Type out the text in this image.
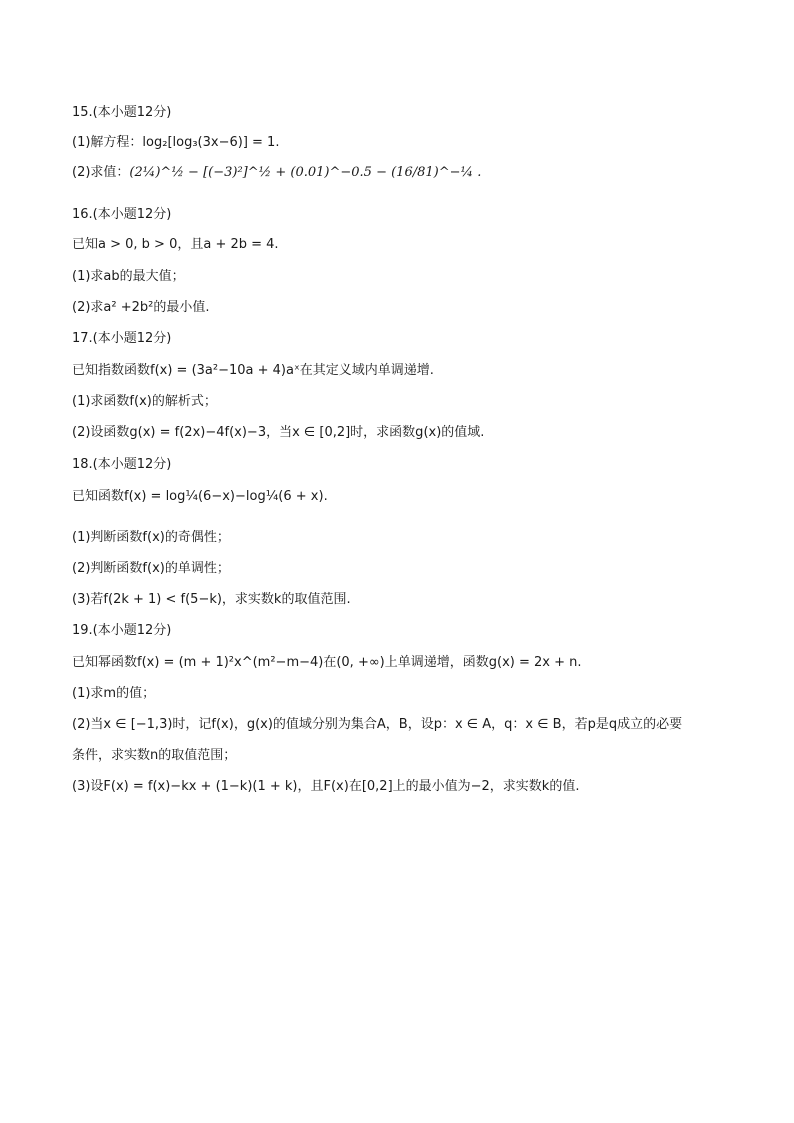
15.(本小题12分)
(1)解方程：log₂[log₃(3x−6)] = 1.
(2)求值：(2¼)^½ − [(−3)²]^½ + (0.01)^−0.5 − (16/81)^−¼ .
16.(本小题12分)
已知a > 0, b > 0，且a + 2b = 4.
(1)求ab的最大值；
(2)求a² +2b²的最小值.
17.(本小题12分)
已知指数函数f(x) = (3a²−10a + 4)aˣ在其定义域内单调递增.
(1)求函数f(x)的解析式；
(2)设函数g(x) = f(2x)−4f(x)−3，当x ∈ [0,2]时，求函数g(x)的值域.
18.(本小题12分)
已知函数f(x) = log¼(6−x)−log¼(6 + x).
(1)判断函数f(x)的奇偶性；
(2)判断函数f(x)的单调性；
(3)若f(2k + 1) < f(5−k)，求实数k的取值范围.
19.(本小题12分)
已知幂函数f(x) = (m + 1)²x^(m²−m−4)在(0, +∞)上单调递增，函数g(x) = 2x + n.
(1)求m的值；
(2)当x ∈ [−1,3)时，记f(x)，g(x)的值域分别为集合A，B，设p：x ∈ A，q：x ∈ B，若p是q成立的必要
条件，求实数n的取值范围；
(3)设F(x) = f(x)−kx + (1−k)(1 + k)，且F(x)在[0,2]上的最小值为−2，求实数k的值.
